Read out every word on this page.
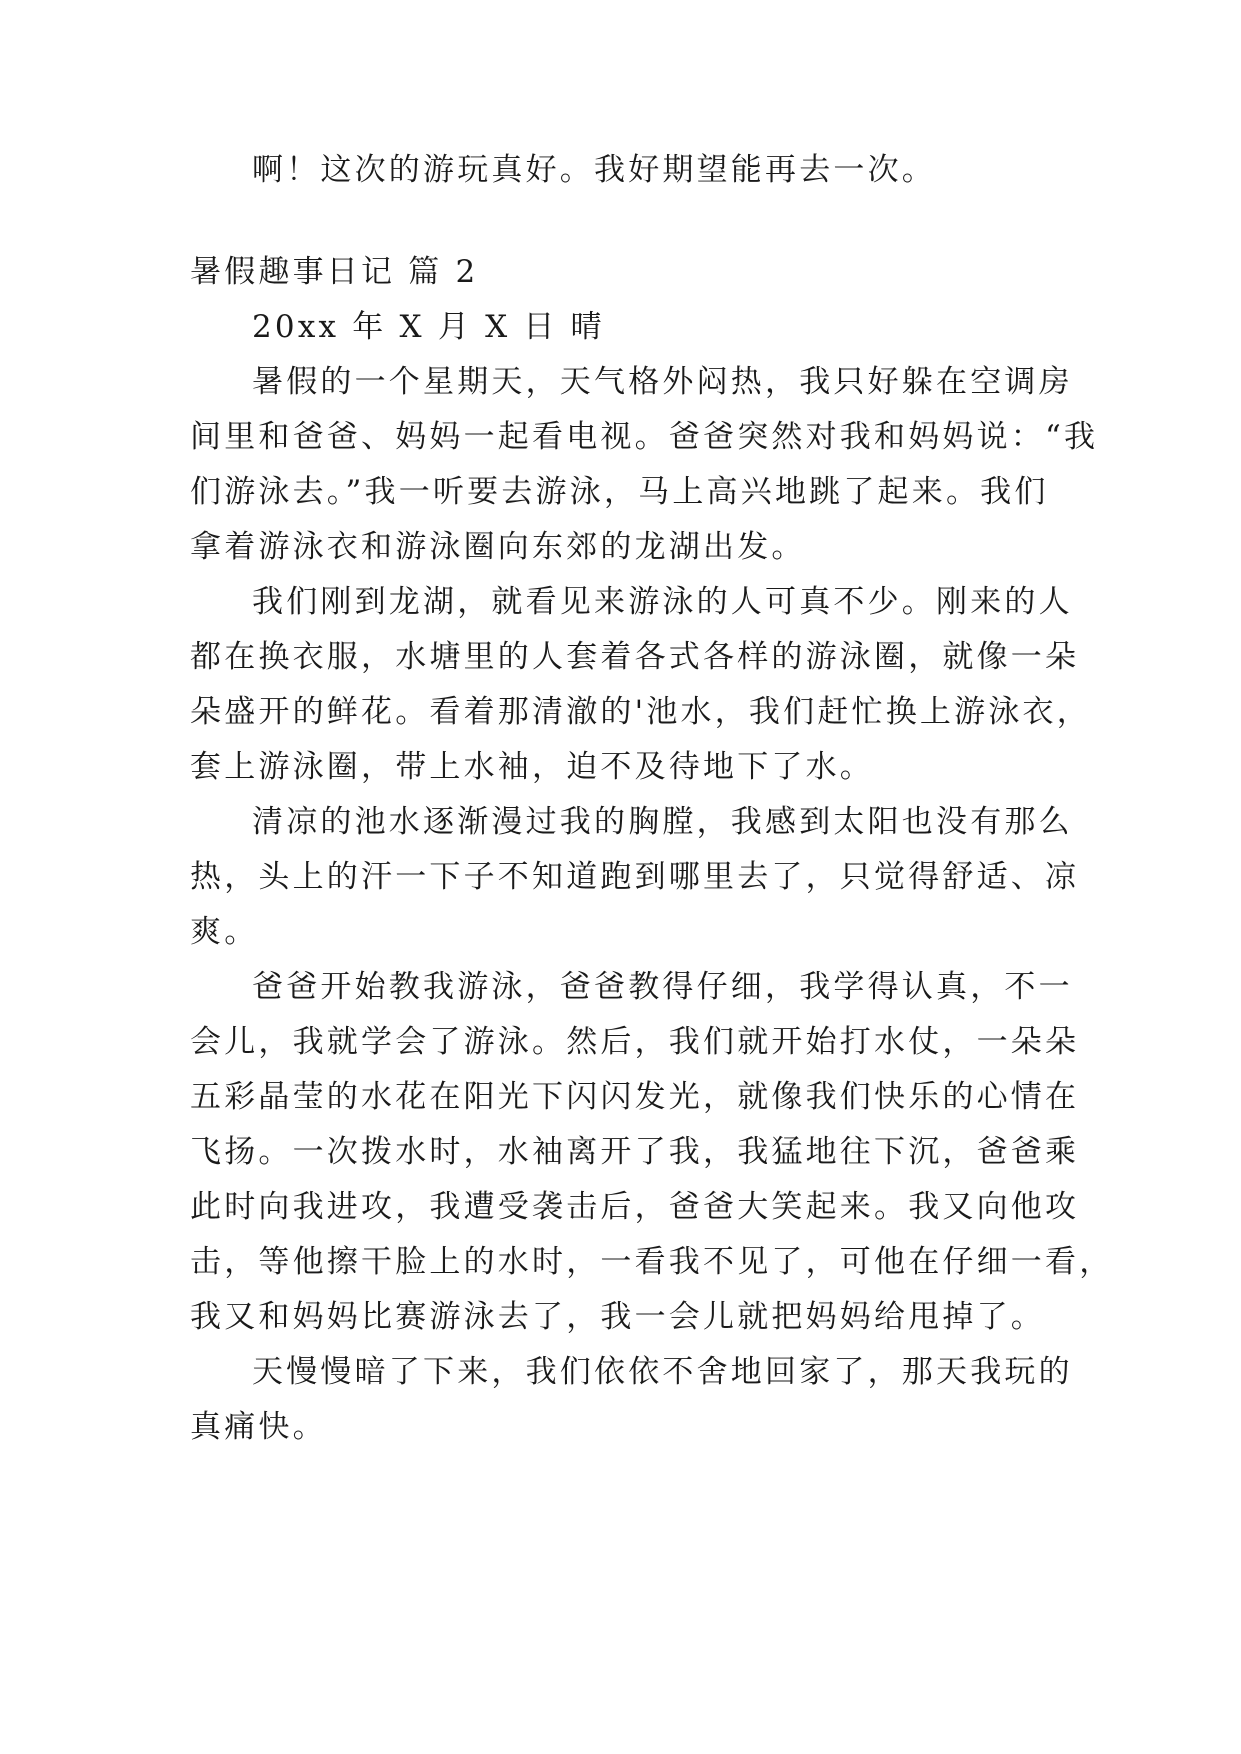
啊！这次的游玩真好。我好期望能再去一次。
暑假趣事日记 篇 2
20xx 年 X 月 X 日 晴
暑假的一个星期天，天气格外闷热，我只好躲在空调房
间里和爸爸、妈妈一起看电视。爸爸突然对我和妈妈说：“我
们游泳去。”我一听要去游泳，马上高兴地跳了起来。我们
拿着游泳衣和游泳圈向东郊的龙湖出发。
我们刚到龙湖，就看见来游泳的人可真不少。刚来的人
都在换衣服，水塘里的人套着各式各样的游泳圈，就像一朵
朵盛开的鲜花。看着那清澈的'池水，我们赶忙换上游泳衣，
套上游泳圈，带上水袖，迫不及待地下了水。
清凉的池水逐渐漫过我的胸膛，我感到太阳也没有那么
热，头上的汗一下子不知道跑到哪里去了，只觉得舒适、凉
爽。
爸爸开始教我游泳，爸爸教得仔细，我学得认真，不一
会儿，我就学会了游泳。然后，我们就开始打水仗，一朵朵
五彩晶莹的水花在阳光下闪闪发光，就像我们快乐的心情在
飞扬。一次拨水时，水袖离开了我，我猛地往下沉，爸爸乘
此时向我进攻，我遭受袭击后，爸爸大笑起来。我又向他攻
击，等他擦干脸上的水时，一看我不见了，可他在仔细一看，
我又和妈妈比赛游泳去了，我一会儿就把妈妈给甩掉了。
天慢慢暗了下来，我们依依不舍地回家了，那天我玩的
真痛快。
